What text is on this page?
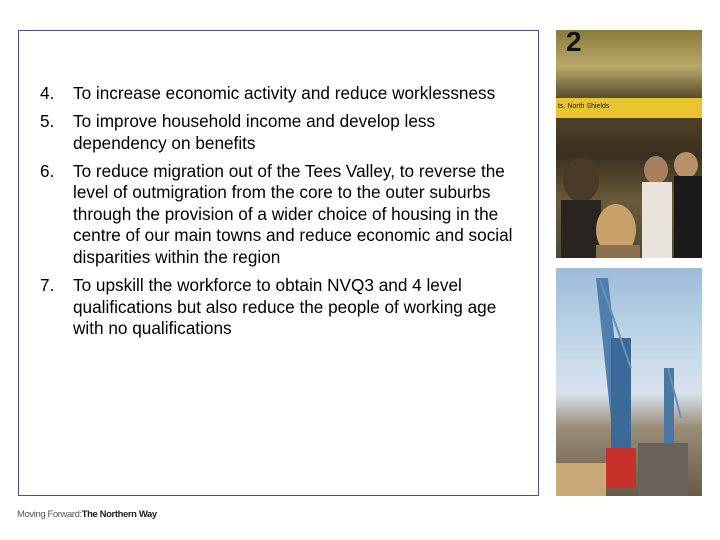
4. To increase economic activity and reduce worklessness
5. To improve household income and develop less dependency on benefits
6. To reduce migration out of the Tees Valley, to reverse the level of outmigration from the core to the outer suburbs through the provision of a wider choice of housing in the centre of our main towns and reduce economic and social disparities within the region
7. To upskill the workforce to obtain NVQ3 and 4 level qualifications but also reduce the people of working age with no qualifications
2
ts. North Shields
Moving Forward:The Northern Way
